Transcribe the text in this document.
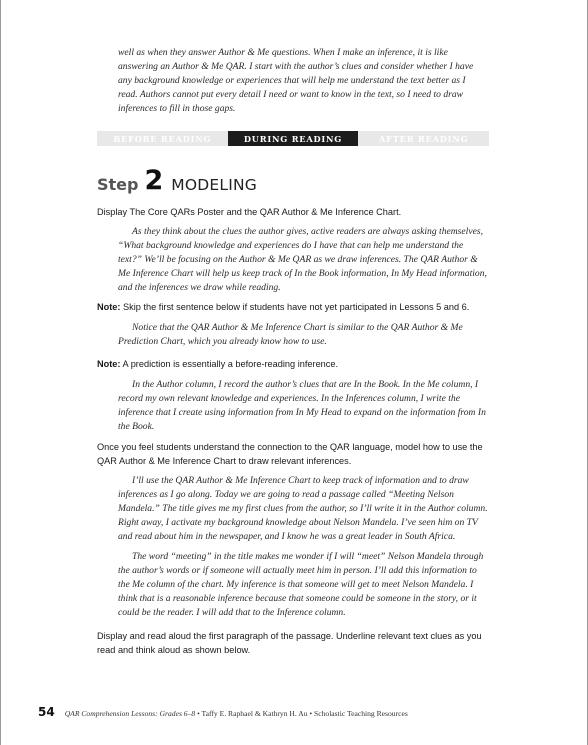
well as when they answer Author & Me questions. When I make an inference, it is like answering an Author & Me QAR. I start with the author’s clues and consider whether I have any background knowledge or experiences that will help me understand the text better as I read. Authors cannot put every detail I need or want to know in the text, so I need to draw inferences to fill in those gaps.

BEFORE READING	DURING READING	AFTER READING
Step 2 MODELING

Display The Core QARs Poster and the QAR Author & Me Inference Chart.

As they think about the clues the author gives, active readers are always asking themselves, “What background knowledge and experiences do I have that can help me understand the text?” We’ll be focusing on the Author & Me QAR as we draw inferences. The QAR Author & Me Inference Chart will help us keep track of In the Book information, In My Head information, and the inferences we draw while reading.

Note: Skip the first sentence below if students have not yet participated in Lessons 5 and 6.

Notice that the QAR Author & Me Inference Chart is similar to the QAR Author & Me Prediction Chart, which you already know how to use.

Note: A prediction is essentially a before-reading inference.

In the Author column, I record the author’s clues that are In the Book. In the Me column, I record my own relevant knowledge and experiences. In the Inferences column, I write the inference that I create using information from In My Head to expand on the information from In the Book.

Once you feel students understand the connection to the QAR language, model how to use the QAR Author & Me Inference Chart to draw relevant inferences.

I’ll use the QAR Author & Me Inference Chart to keep track of information and to draw inferences as I go along. Today we are going to read a passage called “Meeting Nelson Mandela.” The title gives me my first clues from the author, so I’ll write it in the Author column. Right away, I activate my background knowledge about Nelson Mandela. I’ve seen him on TV and read about him in the newspaper, and I know he was a great leader in South Africa.

The word “meeting” in the title makes me wonder if I will “meet” Nelson Mandela through the author’s words or if someone will actually meet him in person. I’ll add this information to the Me column of the chart. My inference is that someone will get to meet Nelson Mandela. I think that is a reasonable inference because that someone could be someone in the story, or it could be the reader. I will add that to the Inference column.

Display and read aloud the first paragraph of the passage. Underline relevant text clues as you read and think aloud as shown below.

54 QAR Comprehension Lessons: Grades 6–8 • Taffy E. Raphael & Kathryn H. Au • Scholastic Teaching Resources
